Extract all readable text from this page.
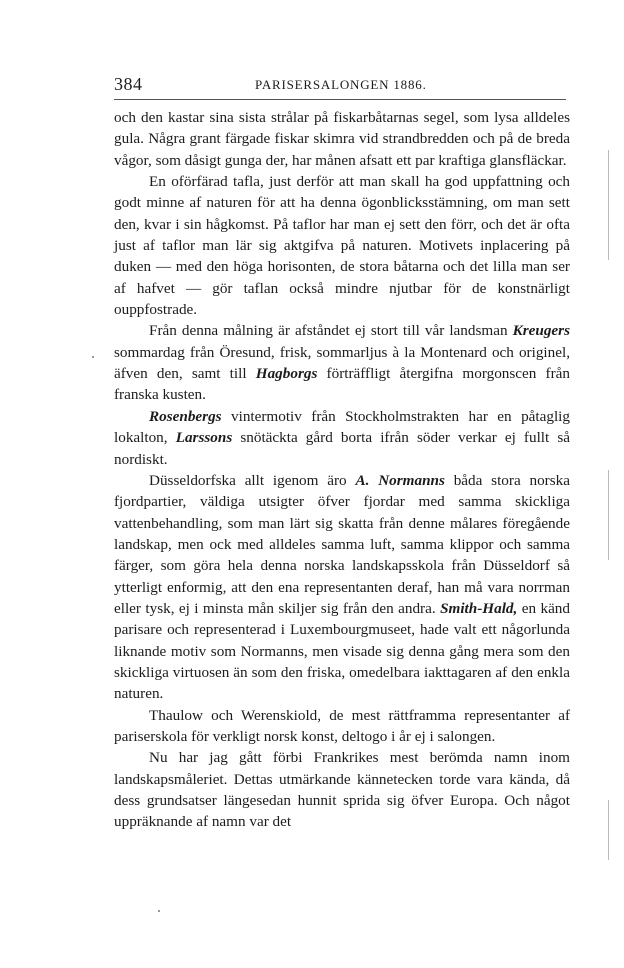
384	PARISERSALONGEN 1886.

och den kastar sina sista strålar på fiskarbåtarnas segel, som lysa alldeles gula. Några grant färgade fiskar skimra vid strandbredden och på de breda vågor, som dåsigt gunga der, har månen afsatt ett par kraftiga glansfläckar.

En oförfärad tafla, just derför att man skall ha god uppfattning och godt minne af naturen för att ha denna ögonblicksstämning, om man sett den, kvar i sin hågkomst. På taflor har man ej sett den förr, och det är ofta just af taflor man lär sig aktgifva på naturen. Motivets inplacering på duken — med den höga horisonten, de stora båtarna och det lilla man ser af hafvet — gör taflan också mindre njutbar för de konstnärligt ouppfostrade.

Från denna målning är afståndet ej stort till vår landsman Kreugers sommardag från Öresund, frisk, sommarljus à la Montenard och originel, äfven den, samt till Hagborgs förträffligt återgifna morgonscen från franska kusten.

Rosenbergs vintermotiv från Stockholmstrakten har en påtaglig lokalton, Larssons snötäckta gård borta ifrån söder verkar ej fullt så nordiskt.

Düsseldorfska allt igenom äro A. Normanns båda stora norska fjordpartier, väldiga utsigter öfver fjordar med samma skickliga vattenbehandling, som man lärt sig skatta från denne målares föregående landskap, men ock med alldeles samma luft, samma klippor och samma färger, som göra hela denna norska landskapsskola från Düsseldorf så ytterligt enformig, att den ena representanten deraf, han må vara norrman eller tysk, ej i minsta mån skiljer sig från den andra. Smith-Hald, en känd parisare och representerad i Luxembourgmuseet, hade valt ett någorlunda liknande motiv som Normanns, men visade sig denna gång mera som den skickliga virtuosen än som den friska, omedelbara iakttagaren af den enkla naturen.

Thaulow och Werenskiold, de mest rättframma representanter af pariserskola för verkligt norsk konst, deltogo i år ej i salongen.

Nu har jag gått förbi Frankrikes mest berömda namn inom landskapsmåleriet. Dettas utmärkande kännetecken torde vara kända, då dess grundsatser längesedan hunnit sprida sig öfver Europa. Och något uppräknande af namn var det
